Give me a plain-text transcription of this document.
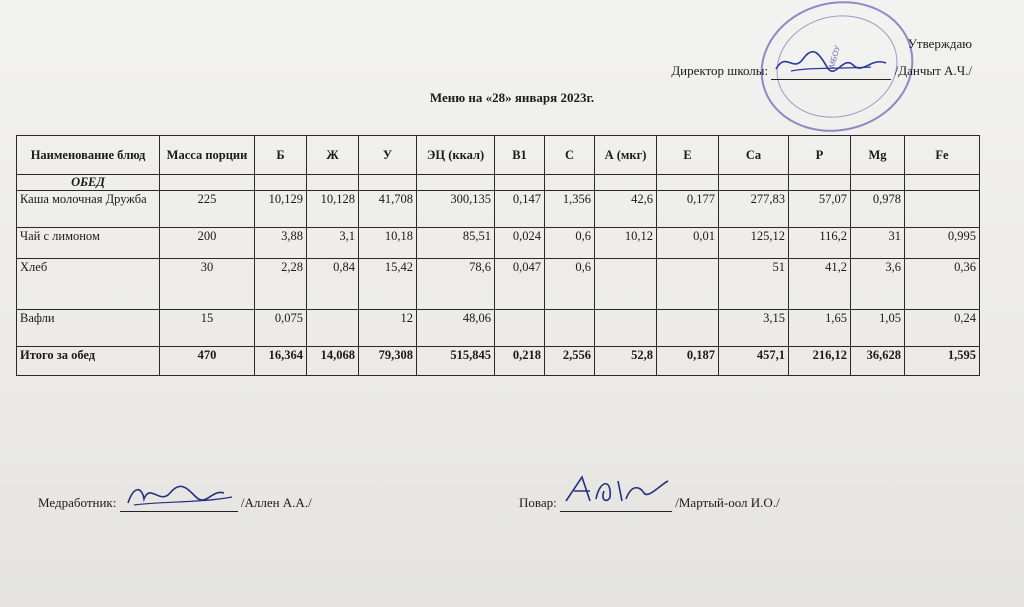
МБОУ
Утверждаю
Директор школы:	/Данчыт А.Ч./
Меню на «28» января 2023г.
Наименование блюд	Масса порции	Б	Ж	У	ЭЦ (ккал)	В1	С	А (мкг)	Е	Са	Р	Mg	Fe
ОБЕД													
Каша молочная Дружба	225	10,129	10,128	41,708	300,135	0,147	1,356	42,6	0,177	277,83	57,07	0,978	
Чай с лимоном	200	3,88	3,1	10,18	85,51	0,024	0,6	10,12	0,01	125,12	116,2	31	0,995
Хлеб	30	2,28	0,84	15,42	78,6	0,047	0,6			51	41,2	3,6	0,36
Вафли	15	0,075		12	48,06					3,15	1,65	1,05	0,24
Итого за обед	470	16,364	14,068	79,308	515,845	0,218	2,556	52,8	0,187	457,1	216,12	36,628	1,595
Медработник:	/Аллен А.А./	Повар:	/Мартый-оол И.О./
